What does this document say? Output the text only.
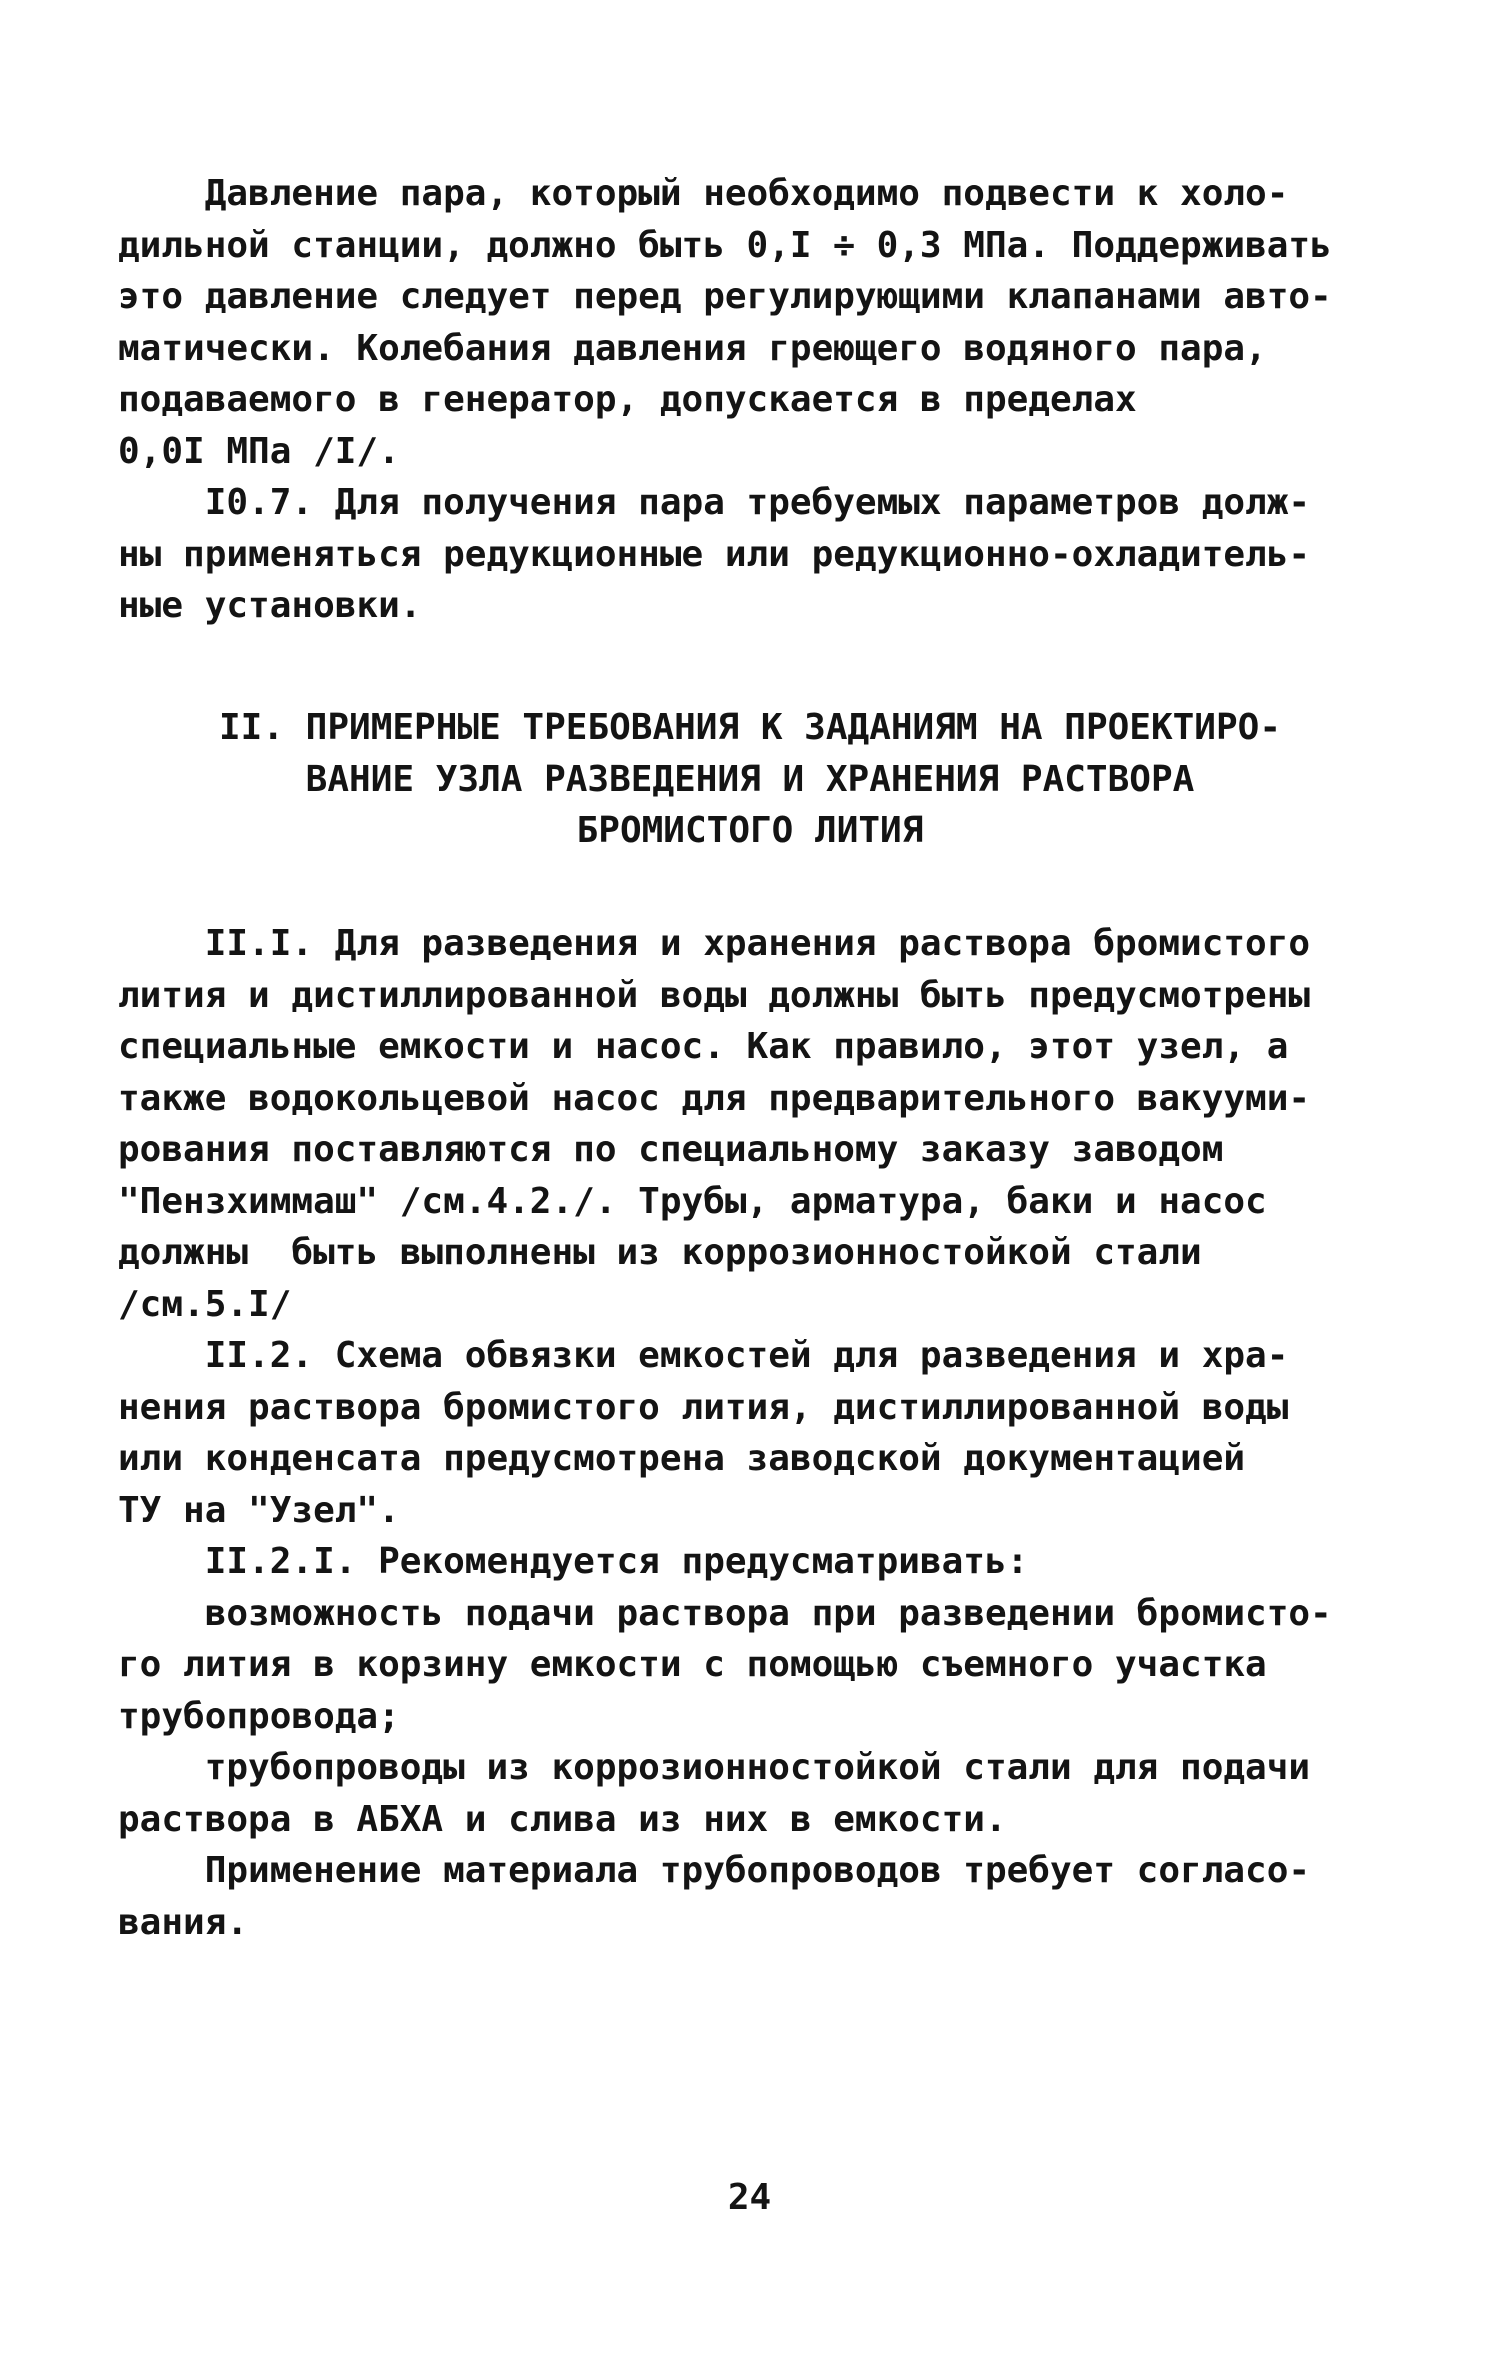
Давление пара, который необходимо подвести к холо-

дильной станции, должно быть 0,I ÷ 0,3 МПа. Поддерживать

это давление следует перед регулирующими клапанами авто-

матически. Колебания давления греющего водяного пара,

подаваемого в генератор, допускается в пределах

0,0I МПа /I/.

I0.7. Для получения пара требуемых параметров долж-

ны применяться редукционные или редукционно-охладитель-

ные установки.

II. ПРИМЕРНЫЕ ТРЕБОВАНИЯ К ЗАДАНИЯМ НА ПРОЕКТИРО-
ВАНИЕ УЗЛА РАЗВЕДЕНИЯ И ХРАНЕНИЯ РАСТВОРА
БРОМИСТОГО ЛИТИЯ

II.I. Для разведения и хранения раствора бромистого

лития и дистиллированной воды должны быть предусмотрены

специальные емкости и насос. Как правило, этот узел, а

также водокольцевой насос для предварительного вакууми-

рования поставляются по специальному заказу заводом

"Пензхиммаш" /см.4.2./. Трубы, арматура, баки и насос

должны  быть выполнены из коррозионностойкой стали

/см.5.I/

II.2. Схема обвязки емкостей для разведения и хра-

нения раствора бромистого лития, дистиллированной воды

или конденсата предусмотрена заводской документацией

ТУ на "Узел".

II.2.I. Рекомендуется предусматривать:

возможность подачи раствора при разведении бромисто-

го лития в корзину емкости с помощью съемного участка

трубопровода;

трубопроводы из коррозионностойкой стали для подачи

раствора в АБХА и слива из них в емкости.

Применение материала трубопроводов требует согласо-

вания.

24
